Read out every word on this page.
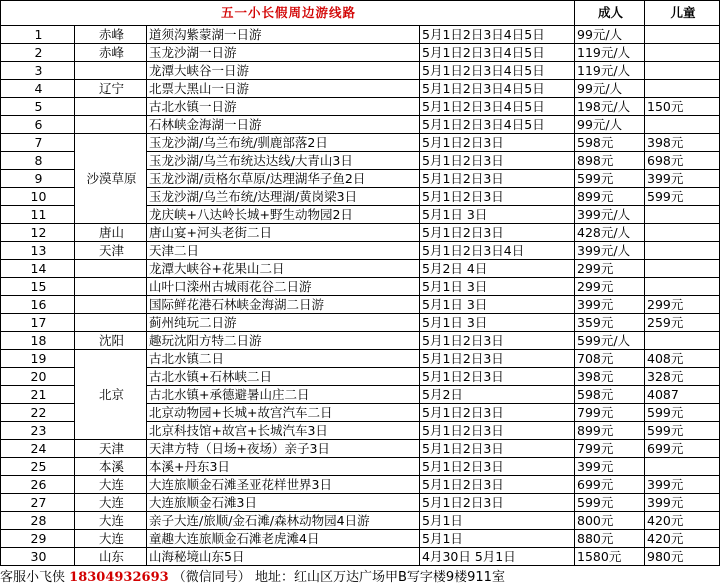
五一小长假周边游线路				成人	儿童
1	赤峰	道须沟紫蒙湖一日游	5月1日2日3日4日5日	99元/人	
2	赤峰	玉龙沙湖一日游	5月1日2日3日4日5日	119元/人	
3		龙潭大峡谷一日游	5月1日2日3日4日5日	119元/人	
4	辽宁	北票大黑山一日游	5月1日2日3日4日5日	99元/人	
5		古北水镇一日游	5月1日2日3日4日5日	198元/人	150元
6		石林峡金海湖一日游	5月1日2日3日4日5日	99元/人	
7	沙漠草原	玉龙沙湖/乌兰布统/驯鹿部落2日	5月1日2日3日	598元	398元
8		玉龙沙湖/乌兰布统达达线/大青山3日	5月1日2日3日	898元	698元
9		玉龙沙湖/贡格尔草原/达理湖华子鱼2日	5月1日2日3日	599元	399元
10		玉龙沙湖/乌兰布统/达理湖/黄岗梁3日	5月1日2日3日	899元	599元
11		龙庆峡+八达岭长城+野生动物园2日	5月1日 3日	399元/人	
12	唐山	唐山宴+河头老街二日	5月1日2日3日	428元/人	
13	天津	天津二日	5月1日2日3日4日	399元/人	
14		龙潭大峡谷+花果山二日	5月2日 4日	299元	
15		山叶口滦州古城雨花谷二日游	5月1日 3日	299元	
16		国际鲜花港石林峡金海湖二日游	5月1日 3日	399元	299元
17		蓟州纯玩二日游	5月1日 3日	359元	259元
18	沈阳	趣玩沈阳方特二日游	5月1日2日3日	599元/人	
19	北京	古北水镇二日	5月1日2日3日	708元	408元
20		古北水镇+石林峡二日	5月1日2日3日	398元	328元
21		古北水镇+承德避暑山庄二日	5月2日	598元	4087
22		北京动物园+长城+故宫汽车二日	5月1日2日3日	799元	599元
23		北京科技馆+故宫+长城汽车3日	5月1日2日3日	899元	599元
24	天津	天津方特（日场+夜场）亲子3日	5月1日2日3日	799元	699元
25	本溪	本溪+丹东3日	5月1日2日3日	399元	
26	大连	大连旅顺金石滩圣亚花样世界3日	5月1日2日3日	699元	399元
27	大连	大连旅顺金石滩3日	5月1日2日3日	599元	399元
28	大连	亲子大连/旅顺/金石滩/森林动物园4日游	5月1日	800元	420元
29	大连	童趣大连旅顺金石滩老虎滩4日	5月1日	880元	420元
30	山东	山海秘境山东5日	4月30日 5月1日	1580元	980元
客服小飞侠 18304932693 （微信同号） 地址：红山区万达广场甲B写字楼9楼911室
